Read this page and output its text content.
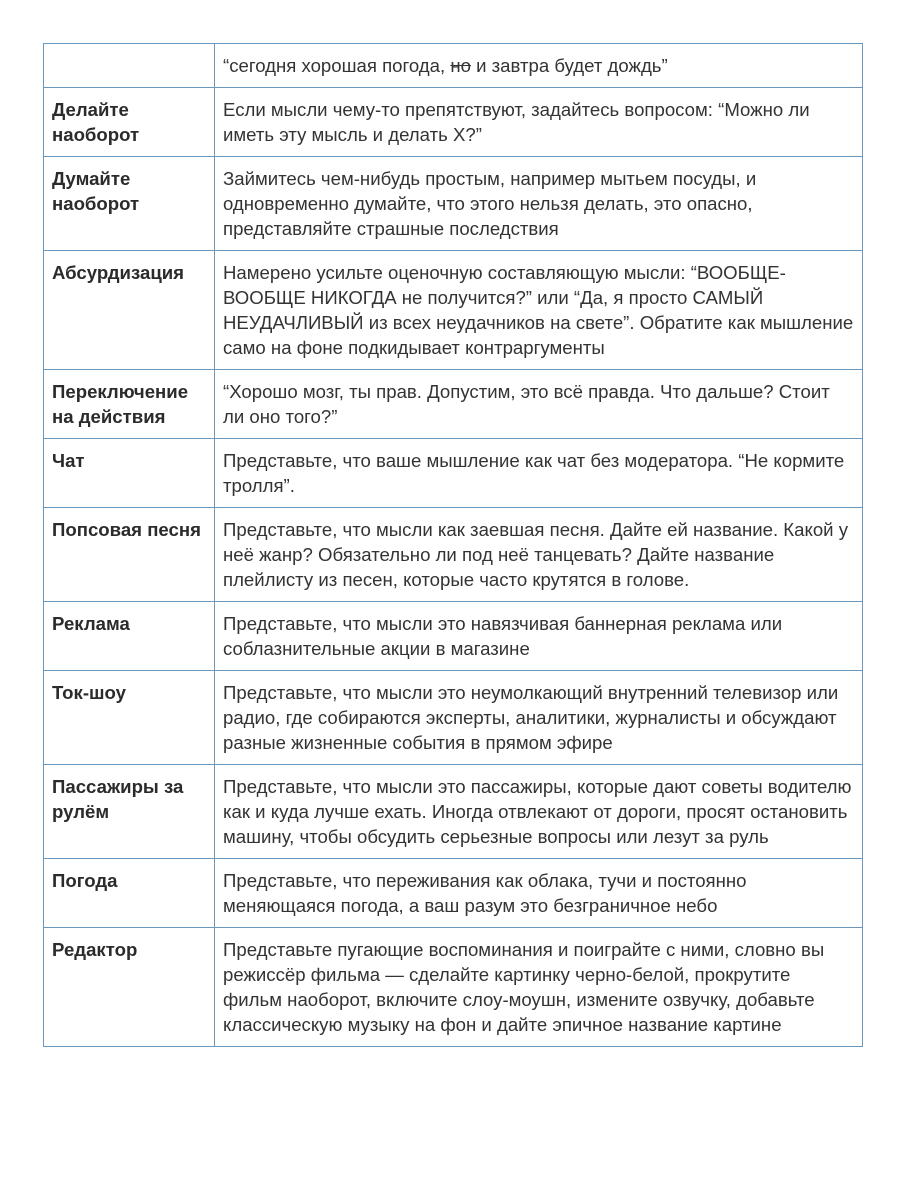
	“сегодня хорошая погода, но и завтра будет дождь”
Делайте наоборот	Если мысли чему-то препятствуют, задайтесь вопросом: “Можно ли иметь эту мысль и делать Х?”
Думайте наоборот	Займитесь чем-нибудь простым, например мытьем посуды, и одновременно думайте, что этого нельзя делать, это опасно, представляйте страшные последствия
Абсурдизация	Намерено усильте оценочную составляющую мысли: “ВООБЩЕ-ВООБЩЕ НИКОГДА не получится?” или “Да, я просто САМЫЙ НЕУДАЧЛИВЫЙ из всех неудачников на свете”. Обратите как мышление само на фоне подкидывает контраргументы
Переключение на действия	“Хорошо мозг, ты прав. Допустим, это всё правда. Что дальше? Стоит ли оно того?”
Чат	Представьте, что ваше мышление как чат без модератора. “Не кормите тролля”.
Попсовая песня	Представьте, что мысли как заевшая песня. Дайте ей название. Какой у неё жанр? Обязательно ли под неё танцевать? Дайте название плейлисту из песен, которые часто крутятся в голове.
Реклама	Представьте, что мысли это навязчивая баннерная реклама или соблазнительные акции в магазине
Ток-шоу	Представьте, что мысли это неумолкающий внутренний телевизор или радио, где собираются эксперты, аналитики, журналисты и обсуждают разные жизненные события в прямом эфире
Пассажиры за рулём	Представьте, что мысли это пассажиры, которые дают советы водителю как и куда лучше ехать. Иногда отвлекают от дороги, просят остановить машину, чтобы обсудить серьезные вопросы или лезут за руль
Погода	Представьте, что переживания как облака, тучи и постоянно меняющаяся погода, а ваш разум это безграничное небо
Редактор	Представьте пугающие воспоминания и поиграйте с ними, словно вы режиссёр фильма — сделайте картинку черно-белой, прокрутите фильм наоборот, включите слоу-моушн, измените озвучку, добавьте классическую музыку на фон и дайте эпичное название картине
